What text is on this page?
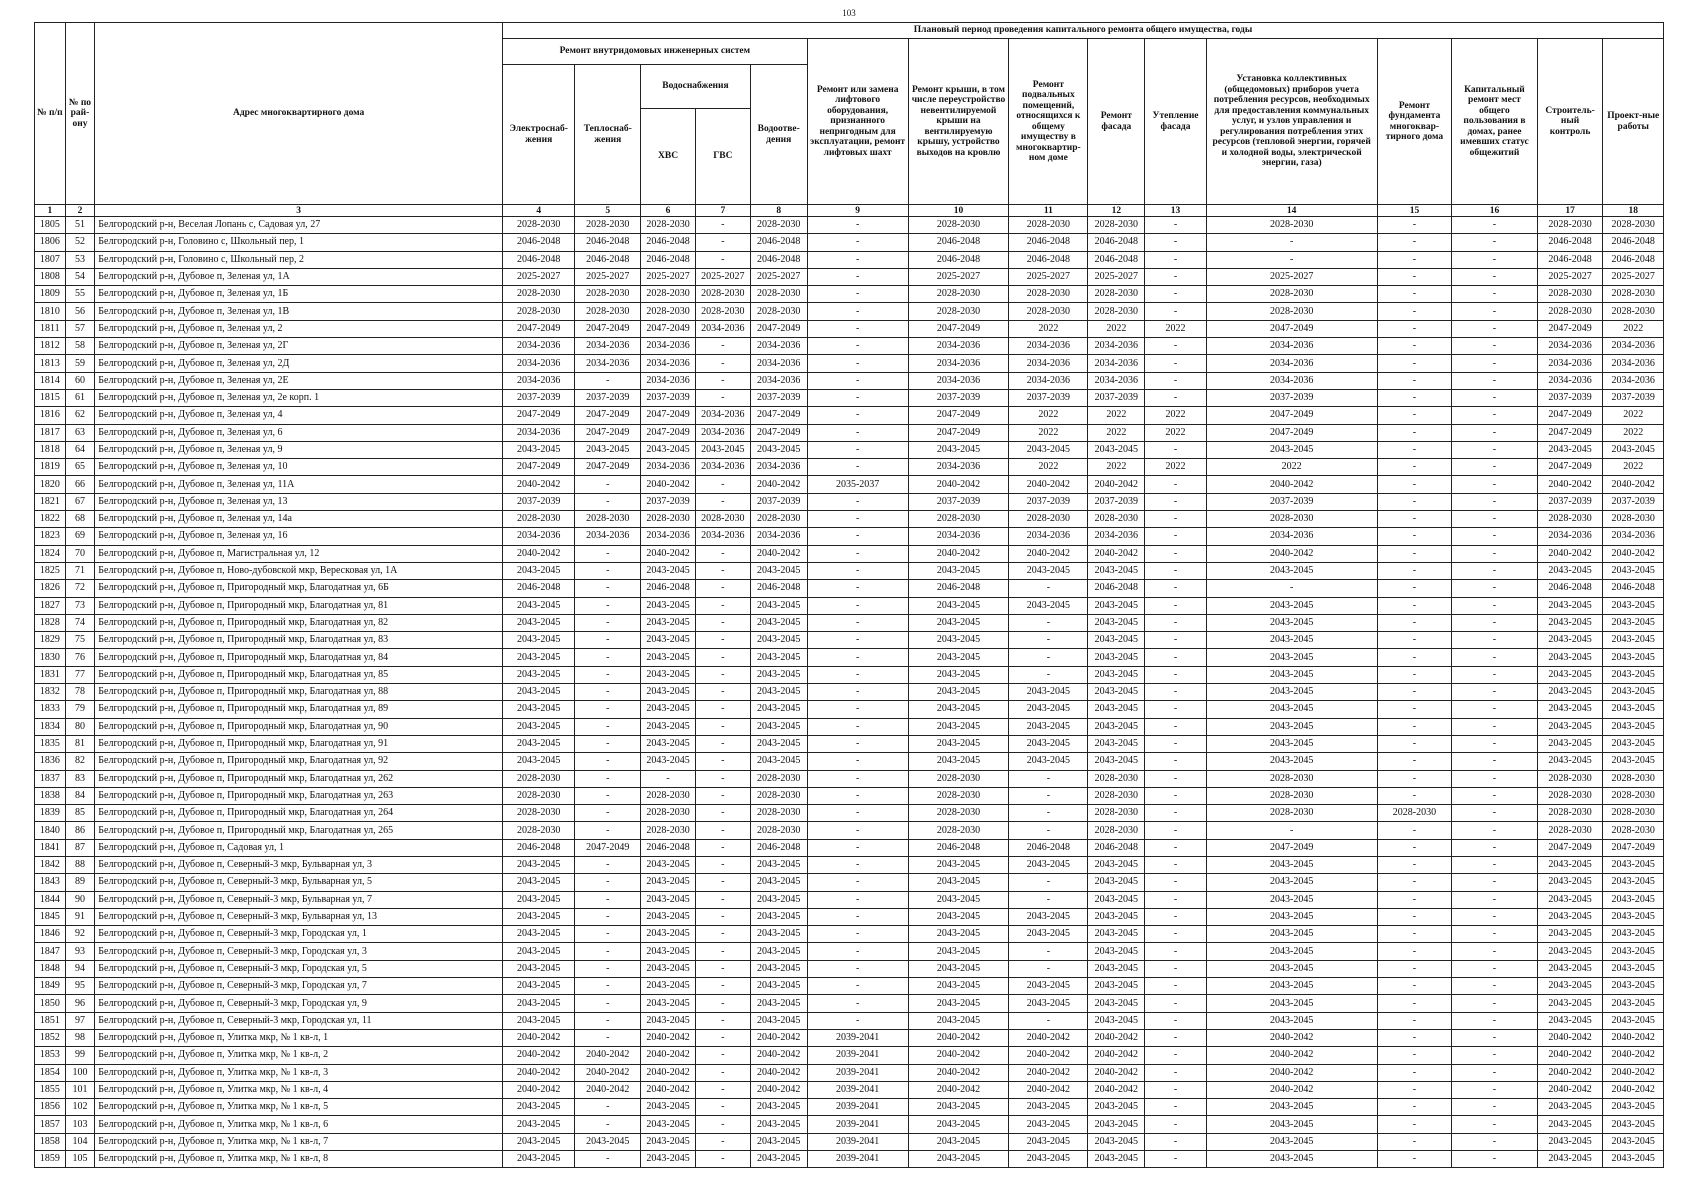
103
№ п/п	№ по рай-ону	Адрес многоквартирного дома	Плановый период проведения капитального ремонта общего имущества, годы														
			Ремонт внутридомовых инженерных систем					Ремонт или замена лифтового оборудования, признанного непригодным для эксплуатации, ремонт лифтовых шахт	Ремонт крыши, в том числе переустройство невентилируемой крыши на вентилируемую крышу, устройство выходов на кровлю	Ремонт подвальных помещений, относящихся к общему имуществу в многоквартир-ном доме	Ремонт фасада	Утепление фасада	Установка коллективных (общедомовых) приборов учета потребления ресурсов, необходимых для предоставления коммунальных услуг, и узлов управления и регулирования потребления этих ресурсов (тепловой энергии, горячей и холодной воды, электрической энергии, газа)	Ремонт фундамента многоквар-тирного дома	Капитальный ремонт мест общего пользования в домах, ранее имевших статус общежитий	Строитель-ный контроль	Проект-ные работы
			Электроснаб-жения	Теплоснаб-жения	Водоснабжения		Водоотве-дения										
					ХВС	ГВС											
1	2	3	4	5	6	7	8	9	10	11	12	13	14	15	16	17	18
1805	51	Белгородский р-н, Веселая Лопань с, Садовая ул, 27	2028-2030	2028-2030	2028-2030	-	2028-2030	-	2028-2030	2028-2030	2028-2030	-	2028-2030	-	-	2028-2030	2028-2030
1806	52	Белгородский р-н, Головино с, Школьный пер, 1	2046-2048	2046-2048	2046-2048	-	2046-2048	-	2046-2048	2046-2048	2046-2048	-	-	-	-	2046-2048	2046-2048
1807	53	Белгородский р-н, Головино с, Школьный пер, 2	2046-2048	2046-2048	2046-2048	-	2046-2048	-	2046-2048	2046-2048	2046-2048	-	-	-	-	2046-2048	2046-2048
1808	54	Белгородский р-н, Дубовое п, Зеленая ул, 1А	2025-2027	2025-2027	2025-2027	2025-2027	2025-2027	-	2025-2027	2025-2027	2025-2027	-	2025-2027	-	-	2025-2027	2025-2027
1809	55	Белгородский р-н, Дубовое п, Зеленая ул, 1Б	2028-2030	2028-2030	2028-2030	2028-2030	2028-2030	-	2028-2030	2028-2030	2028-2030	-	2028-2030	-	-	2028-2030	2028-2030
1810	56	Белгородский р-н, Дубовое п, Зеленая ул, 1В	2028-2030	2028-2030	2028-2030	2028-2030	2028-2030	-	2028-2030	2028-2030	2028-2030	-	2028-2030	-	-	2028-2030	2028-2030
1811	57	Белгородский р-н, Дубовое п, Зеленая ул, 2	2047-2049	2047-2049	2047-2049	2034-2036	2047-2049	-	2047-2049	2022	2022	2022	2047-2049	-	-	2047-2049	2022
1812	58	Белгородский р-н, Дубовое п, Зеленая ул, 2Г	2034-2036	2034-2036	2034-2036	-	2034-2036	-	2034-2036	2034-2036	2034-2036	-	2034-2036	-	-	2034-2036	2034-2036
1813	59	Белгородский р-н, Дубовое п, Зеленая ул, 2Д	2034-2036	2034-2036	2034-2036	-	2034-2036	-	2034-2036	2034-2036	2034-2036	-	2034-2036	-	-	2034-2036	2034-2036
1814	60	Белгородский р-н, Дубовое п, Зеленая ул, 2Е	2034-2036	-	2034-2036	-	2034-2036	-	2034-2036	2034-2036	2034-2036	-	2034-2036	-	-	2034-2036	2034-2036
1815	61	Белгородский р-н, Дубовое п, Зеленая ул, 2е корп. 1	2037-2039	2037-2039	2037-2039	-	2037-2039	-	2037-2039	2037-2039	2037-2039	-	2037-2039	-	-	2037-2039	2037-2039
1816	62	Белгородский р-н, Дубовое п, Зеленая ул, 4	2047-2049	2047-2049	2047-2049	2034-2036	2047-2049	-	2047-2049	2022	2022	2022	2047-2049	-	-	2047-2049	2022
1817	63	Белгородский р-н, Дубовое п, Зеленая ул, 6	2034-2036	2047-2049	2047-2049	2034-2036	2047-2049	-	2047-2049	2022	2022	2022	2047-2049	-	-	2047-2049	2022
1818	64	Белгородский р-н, Дубовое п, Зеленая ул, 9	2043-2045	2043-2045	2043-2045	2043-2045	2043-2045	-	2043-2045	2043-2045	2043-2045	-	2043-2045	-	-	2043-2045	2043-2045
1819	65	Белгородский р-н, Дубовое п, Зеленая ул, 10	2047-2049	2047-2049	2034-2036	2034-2036	2034-2036	-	2034-2036	2022	2022	2022	2022	-	-	2047-2049	2022
1820	66	Белгородский р-н, Дубовое п, Зеленая ул, 11А	2040-2042	-	2040-2042	-	2040-2042	2035-2037	2040-2042	2040-2042	2040-2042	-	2040-2042	-	-	2040-2042	2040-2042
1821	67	Белгородский р-н, Дубовое п, Зеленая ул, 13	2037-2039	-	2037-2039	-	2037-2039	-	2037-2039	2037-2039	2037-2039	-	2037-2039	-	-	2037-2039	2037-2039
1822	68	Белгородский р-н, Дубовое п, Зеленая ул, 14а	2028-2030	2028-2030	2028-2030	2028-2030	2028-2030	-	2028-2030	2028-2030	2028-2030	-	2028-2030	-	-	2028-2030	2028-2030
1823	69	Белгородский р-н, Дубовое п, Зеленая ул, 16	2034-2036	2034-2036	2034-2036	2034-2036	2034-2036	-	2034-2036	2034-2036	2034-2036	-	2034-2036	-	-	2034-2036	2034-2036
1824	70	Белгородский р-н, Дубовое п, Магистральная ул, 12	2040-2042	-	2040-2042	-	2040-2042	-	2040-2042	2040-2042	2040-2042	-	2040-2042	-	-	2040-2042	2040-2042
1825	71	Белгородский р-н, Дубовое п, Ново-дубовской мкр, Вересковая ул, 1А	2043-2045	-	2043-2045	-	2043-2045	-	2043-2045	2043-2045	2043-2045	-	2043-2045	-	-	2043-2045	2043-2045
1826	72	Белгородский р-н, Дубовое п, Пригородный мкр, Благодатная ул, 6Б	2046-2048	-	2046-2048	-	2046-2048	-	2046-2048	-	2046-2048	-	-	-	-	2046-2048	2046-2048
1827	73	Белгородский р-н, Дубовое п, Пригородный мкр, Благодатная ул, 81	2043-2045	-	2043-2045	-	2043-2045	-	2043-2045	2043-2045	2043-2045	-	2043-2045	-	-	2043-2045	2043-2045
1828	74	Белгородский р-н, Дубовое п, Пригородный мкр, Благодатная ул, 82	2043-2045	-	2043-2045	-	2043-2045	-	2043-2045	-	2043-2045	-	2043-2045	-	-	2043-2045	2043-2045
1829	75	Белгородский р-н, Дубовое п, Пригородный мкр, Благодатная ул, 83	2043-2045	-	2043-2045	-	2043-2045	-	2043-2045	-	2043-2045	-	2043-2045	-	-	2043-2045	2043-2045
1830	76	Белгородский р-н, Дубовое п, Пригородный мкр, Благодатная ул, 84	2043-2045	-	2043-2045	-	2043-2045	-	2043-2045	-	2043-2045	-	2043-2045	-	-	2043-2045	2043-2045
1831	77	Белгородский р-н, Дубовое п, Пригородный мкр, Благодатная ул, 85	2043-2045	-	2043-2045	-	2043-2045	-	2043-2045	-	2043-2045	-	2043-2045	-	-	2043-2045	2043-2045
1832	78	Белгородский р-н, Дубовое п, Пригородный мкр, Благодатная ул, 88	2043-2045	-	2043-2045	-	2043-2045	-	2043-2045	2043-2045	2043-2045	-	2043-2045	-	-	2043-2045	2043-2045
1833	79	Белгородский р-н, Дубовое п, Пригородный мкр, Благодатная ул, 89	2043-2045	-	2043-2045	-	2043-2045	-	2043-2045	2043-2045	2043-2045	-	2043-2045	-	-	2043-2045	2043-2045
1834	80	Белгородский р-н, Дубовое п, Пригородный мкр, Благодатная ул, 90	2043-2045	-	2043-2045	-	2043-2045	-	2043-2045	2043-2045	2043-2045	-	2043-2045	-	-	2043-2045	2043-2045
1835	81	Белгородский р-н, Дубовое п, Пригородный мкр, Благодатная ул, 91	2043-2045	-	2043-2045	-	2043-2045	-	2043-2045	2043-2045	2043-2045	-	2043-2045	-	-	2043-2045	2043-2045
1836	82	Белгородский р-н, Дубовое п, Пригородный мкр, Благодатная ул, 92	2043-2045	-	2043-2045	-	2043-2045	-	2043-2045	2043-2045	2043-2045	-	2043-2045	-	-	2043-2045	2043-2045
1837	83	Белгородский р-н, Дубовое п, Пригородный мкр, Благодатная ул, 262	2028-2030	-	-	-	2028-2030	-	2028-2030	-	2028-2030	-	2028-2030	-	-	2028-2030	2028-2030
1838	84	Белгородский р-н, Дубовое п, Пригородный мкр, Благодатная ул, 263	2028-2030	-	2028-2030	-	2028-2030	-	2028-2030	-	2028-2030	-	2028-2030	-	-	2028-2030	2028-2030
1839	85	Белгородский р-н, Дубовое п, Пригородный мкр, Благодатная ул, 264	2028-2030	-	2028-2030	-	2028-2030	-	2028-2030	-	2028-2030	-	2028-2030	2028-2030	-	2028-2030	2028-2030
1840	86	Белгородский р-н, Дубовое п, Пригородный мкр, Благодатная ул, 265	2028-2030	-	2028-2030	-	2028-2030	-	2028-2030	-	2028-2030	-	-	-	-	2028-2030	2028-2030
1841	87	Белгородский р-н, Дубовое п, Садовая ул, 1	2046-2048	2047-2049	2046-2048	-	2046-2048	-	2046-2048	2046-2048	2046-2048	-	2047-2049	-	-	2047-2049	2047-2049
1842	88	Белгородский р-н, Дубовое п, Северный-3 мкр, Бульварная ул, 3	2043-2045	-	2043-2045	-	2043-2045	-	2043-2045	2043-2045	2043-2045	-	2043-2045	-	-	2043-2045	2043-2045
1843	89	Белгородский р-н, Дубовое п, Северный-3 мкр, Бульварная ул, 5	2043-2045	-	2043-2045	-	2043-2045	-	2043-2045	-	2043-2045	-	2043-2045	-	-	2043-2045	2043-2045
1844	90	Белгородский р-н, Дубовое п, Северный-3 мкр, Бульварная ул, 7	2043-2045	-	2043-2045	-	2043-2045	-	2043-2045	-	2043-2045	-	2043-2045	-	-	2043-2045	2043-2045
1845	91	Белгородский р-н, Дубовое п, Северный-3 мкр, Бульварная ул, 13	2043-2045	-	2043-2045	-	2043-2045	-	2043-2045	2043-2045	2043-2045	-	2043-2045	-	-	2043-2045	2043-2045
1846	92	Белгородский р-н, Дубовое п, Северный-3 мкр, Городская ул, 1	2043-2045	-	2043-2045	-	2043-2045	-	2043-2045	2043-2045	2043-2045	-	2043-2045	-	-	2043-2045	2043-2045
1847	93	Белгородский р-н, Дубовое п, Северный-3 мкр, Городская ул, 3	2043-2045	-	2043-2045	-	2043-2045	-	2043-2045	-	2043-2045	-	2043-2045	-	-	2043-2045	2043-2045
1848	94	Белгородский р-н, Дубовое п, Северный-3 мкр, Городская ул, 5	2043-2045	-	2043-2045	-	2043-2045	-	2043-2045	-	2043-2045	-	2043-2045	-	-	2043-2045	2043-2045
1849	95	Белгородский р-н, Дубовое п, Северный-3 мкр, Городская ул, 7	2043-2045	-	2043-2045	-	2043-2045	-	2043-2045	2043-2045	2043-2045	-	2043-2045	-	-	2043-2045	2043-2045
1850	96	Белгородский р-н, Дубовое п, Северный-3 мкр, Городская ул, 9	2043-2045	-	2043-2045	-	2043-2045	-	2043-2045	2043-2045	2043-2045	-	2043-2045	-	-	2043-2045	2043-2045
1851	97	Белгородский р-н, Дубовое п, Северный-3 мкр, Городская ул, 11	2043-2045	-	2043-2045	-	2043-2045	-	2043-2045	-	2043-2045	-	2043-2045	-	-	2043-2045	2043-2045
1852	98	Белгородский р-н, Дубовое п, Улитка мкр, № 1 кв-л, 1	2040-2042	-	2040-2042	-	2040-2042	2039-2041	2040-2042	2040-2042	2040-2042	-	2040-2042	-	-	2040-2042	2040-2042
1853	99	Белгородский р-н, Дубовое п, Улитка мкр, № 1 кв-л, 2	2040-2042	2040-2042	2040-2042	-	2040-2042	2039-2041	2040-2042	2040-2042	2040-2042	-	2040-2042	-	-	2040-2042	2040-2042
1854	100	Белгородский р-н, Дубовое п, Улитка мкр, № 1 кв-л, 3	2040-2042	2040-2042	2040-2042	-	2040-2042	2039-2041	2040-2042	2040-2042	2040-2042	-	2040-2042	-	-	2040-2042	2040-2042
1855	101	Белгородский р-н, Дубовое п, Улитка мкр, № 1 кв-л, 4	2040-2042	2040-2042	2040-2042	-	2040-2042	2039-2041	2040-2042	2040-2042	2040-2042	-	2040-2042	-	-	2040-2042	2040-2042
1856	102	Белгородский р-н, Дубовое п, Улитка мкр, № 1 кв-л, 5	2043-2045	-	2043-2045	-	2043-2045	2039-2041	2043-2045	2043-2045	2043-2045	-	2043-2045	-	-	2043-2045	2043-2045
1857	103	Белгородский р-н, Дубовое п, Улитка мкр, № 1 кв-л, 6	2043-2045	-	2043-2045	-	2043-2045	2039-2041	2043-2045	2043-2045	2043-2045	-	2043-2045	-	-	2043-2045	2043-2045
1858	104	Белгородский р-н, Дубовое п, Улитка мкр, № 1 кв-л, 7	2043-2045	2043-2045	2043-2045	-	2043-2045	2039-2041	2043-2045	2043-2045	2043-2045	-	2043-2045	-	-	2043-2045	2043-2045
1859	105	Белгородский р-н, Дубовое п, Улитка мкр, № 1 кв-л, 8	2043-2045	-	2043-2045	-	2043-2045	2039-2041	2043-2045	2043-2045	2043-2045	-	2043-2045	-	-	2043-2045	2043-2045
